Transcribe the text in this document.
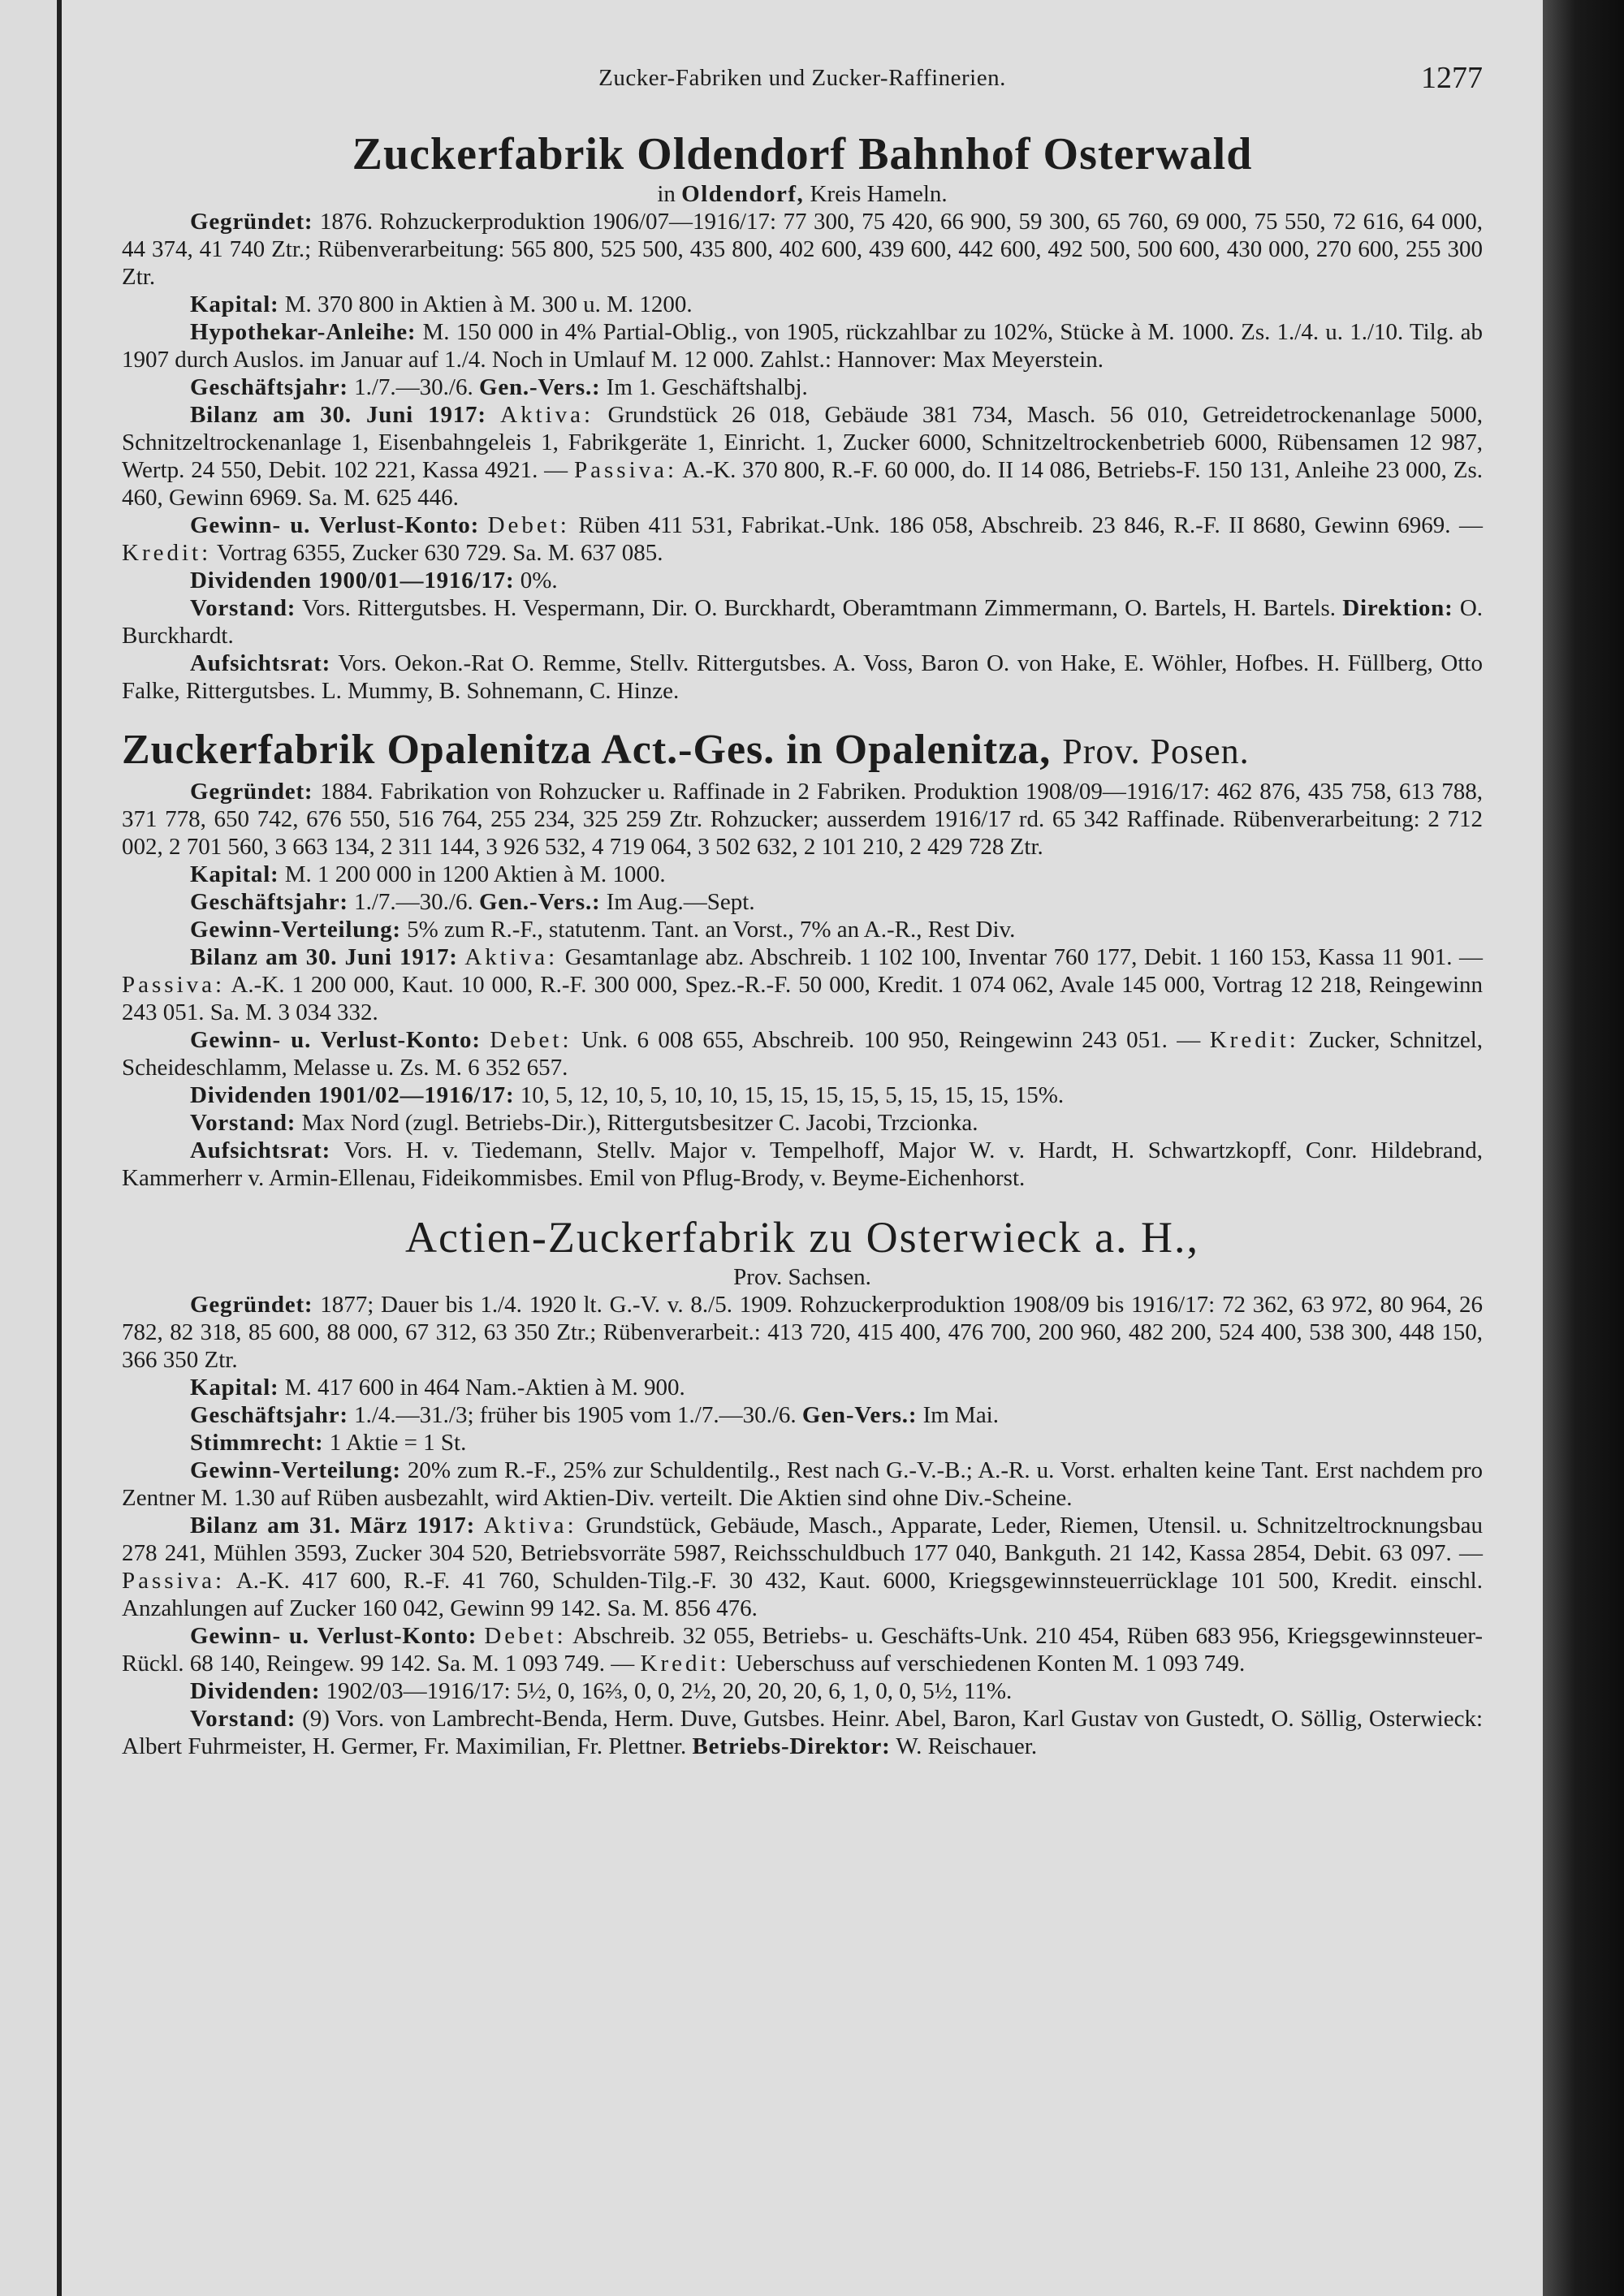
Zucker-Fabriken und Zucker-Raffinerien.	1277
Zuckerfabrik Oldendorf Bahnhof Osterwald
in Oldendorf, Kreis Hameln.

Gegründet: 1876. Rohzuckerproduktion 1906/07—1916/17: 77 300, 75 420, 66 900, 59 300, 65 760, 69 000, 75 550, 72 616, 64 000, 44 374, 41 740 Ztr.; Rübenverarbeitung: 565 800, 525 500, 435 800, 402 600, 439 600, 442 600, 492 500, 500 600, 430 000, 270 600, 255 300 Ztr.

Kapital: M. 370 800 in Aktien à M. 300 u. M. 1200.

Hypothekar-Anleihe: M. 150 000 in 4% Partial-Oblig., von 1905, rückzahlbar zu 102%, Stücke à M. 1000. Zs. 1./4. u. 1./10. Tilg. ab 1907 durch Auslos. im Januar auf 1./4. Noch in Umlauf M. 12 000. Zahlst.: Hannover: Max Meyerstein.

Geschäftsjahr: 1./7.—30./6. Gen.-Vers.: Im 1. Geschäftshalbj.

Bilanz am 30. Juni 1917: Aktiva: Grundstück 26 018, Gebäude 381 734, Masch. 56 010, Getreidetrockenanlage 5000, Schnitzeltrockenanlage 1, Eisenbahngeleis 1, Fabrikgeräte 1, Einricht. 1, Zucker 6000, Schnitzeltrockenbetrieb 6000, Rübensamen 12 987, Wertp. 24 550, Debit. 102 221, Kassa 4921. — Passiva: A.-K. 370 800, R.-F. 60 000, do. II 14 086, Betriebs-F. 150 131, Anleihe 23 000, Zs. 460, Gewinn 6969. Sa. M. 625 446.

Gewinn- u. Verlust-Konto: Debet: Rüben 411 531, Fabrikat.-Unk. 186 058, Abschreib. 23 846, R.-F. II 8680, Gewinn 6969. — Kredit: Vortrag 6355, Zucker 630 729. Sa. M. 637 085.

Dividenden 1900/01—1916/17: 0%.

Vorstand: Vors. Rittergutsbes. H. Vespermann, Dir. O. Burckhardt, Oberamtmann Zimmermann, O. Bartels, H. Bartels. Direktion: O. Burckhardt.

Aufsichtsrat: Vors. Oekon.-Rat O. Remme, Stellv. Rittergutsbes. A. Voss, Baron O. von Hake, E. Wöhler, Hofbes. H. Füllberg, Otto Falke, Rittergutsbes. L. Mummy, B. Sohnemann, C. Hinze.

Zuckerfabrik Opalenitza Act.-Ges. in Opalenitza, Prov. Posen.

Gegründet: 1884. Fabrikation von Rohzucker u. Raffinade in 2 Fabriken. Produktion 1908/09—1916/17: 462 876, 435 758, 613 788, 371 778, 650 742, 676 550, 516 764, 255 234, 325 259 Ztr. Rohzucker; ausserdem 1916/17 rd. 65 342 Raffinade. Rübenverarbeitung: 2 712 002, 2 701 560, 3 663 134, 2 311 144, 3 926 532, 4 719 064, 3 502 632, 2 101 210, 2 429 728 Ztr.

Kapital: M. 1 200 000 in 1200 Aktien à M. 1000.

Geschäftsjahr: 1./7.—30./6. Gen.-Vers.: Im Aug.—Sept.

Gewinn-Verteilung: 5% zum R.-F., statutenm. Tant. an Vorst., 7% an A.-R., Rest Div.

Bilanz am 30. Juni 1917: Aktiva: Gesamtanlage abz. Abschreib. 1 102 100, Inventar 760 177, Debit. 1 160 153, Kassa 11 901. — Passiva: A.-K. 1 200 000, Kaut. 10 000, R.-F. 300 000, Spez.-R.-F. 50 000, Kredit. 1 074 062, Avale 145 000, Vortrag 12 218, Reingewinn 243 051. Sa. M. 3 034 332.

Gewinn- u. Verlust-Konto: Debet: Unk. 6 008 655, Abschreib. 100 950, Reingewinn 243 051. — Kredit: Zucker, Schnitzel, Scheideschlamm, Melasse u. Zs. M. 6 352 657.

Dividenden 1901/02—1916/17: 10, 5, 12, 10, 5, 10, 10, 15, 15, 15, 15, 5, 15, 15, 15, 15%.

Vorstand: Max Nord (zugl. Betriebs-Dir.), Rittergutsbesitzer C. Jacobi, Trzcionka.

Aufsichtsrat: Vors. H. v. Tiedemann, Stellv. Major v. Tempelhoff, Major W. v. Hardt, H. Schwartzkopff, Conr. Hildebrand, Kammerherr v. Armin-Ellenau, Fideikommisbes. Emil von Pflug-Brody, v. Beyme-Eichenhorst.

Actien-Zuckerfabrik zu Osterwieck a. H.,
Prov. Sachsen.

Gegründet: 1877; Dauer bis 1./4. 1920 lt. G.-V. v. 8./5. 1909. Rohzuckerproduktion 1908/09 bis 1916/17: 72 362, 63 972, 80 964, 26 782, 82 318, 85 600, 88 000, 67 312, 63 350 Ztr.; Rübenverarbeit.: 413 720, 415 400, 476 700, 200 960, 482 200, 524 400, 538 300, 448 150, 366 350 Ztr.

Kapital: M. 417 600 in 464 Nam.-Aktien à M. 900.

Geschäftsjahr: 1./4.—31./3; früher bis 1905 vom 1./7.—30./6. Gen-Vers.: Im Mai.

Stimmrecht: 1 Aktie = 1 St.

Gewinn-Verteilung: 20% zum R.-F., 25% zur Schuldentilg., Rest nach G.-V.-B.; A.-R. u. Vorst. erhalten keine Tant. Erst nachdem pro Zentner M. 1.30 auf Rüben ausbezahlt, wird Aktien-Div. verteilt. Die Aktien sind ohne Div.-Scheine.

Bilanz am 31. März 1917: Aktiva: Grundstück, Gebäude, Masch., Apparate, Leder, Riemen, Utensil. u. Schnitzeltrocknungsbau 278 241, Mühlen 3593, Zucker 304 520, Betriebsvorräte 5987, Reichsschuldbuch 177 040, Bankguth. 21 142, Kassa 2854, Debit. 63 097. — Passiva: A.-K. 417 600, R.-F. 41 760, Schulden-Tilg.-F. 30 432, Kaut. 6000, Kriegsgewinnsteuerrücklage 101 500, Kredit. einschl. Anzahlungen auf Zucker 160 042, Gewinn 99 142. Sa. M. 856 476.

Gewinn- u. Verlust-Konto: Debet: Abschreib. 32 055, Betriebs- u. Geschäfts-Unk. 210 454, Rüben 683 956, Kriegsgewinnsteuer-Rückl. 68 140, Reingew. 99 142. Sa. M. 1 093 749. — Kredit: Ueberschuss auf verschiedenen Konten M. 1 093 749.

Dividenden: 1902/03—1916/17: 5½, 0, 16⅔, 0, 0, 2½, 20, 20, 20, 6, 1, 0, 0, 5½, 11%.

Vorstand: (9) Vors. von Lambrecht-Benda, Herm. Duve, Gutsbes. Heinr. Abel, Baron, Karl Gustav von Gustedt, O. Söllig, Osterwieck: Albert Fuhrmeister, H. Germer, Fr. Maximilian, Fr. Plettner. Betriebs-Direktor: W. Reischauer.
